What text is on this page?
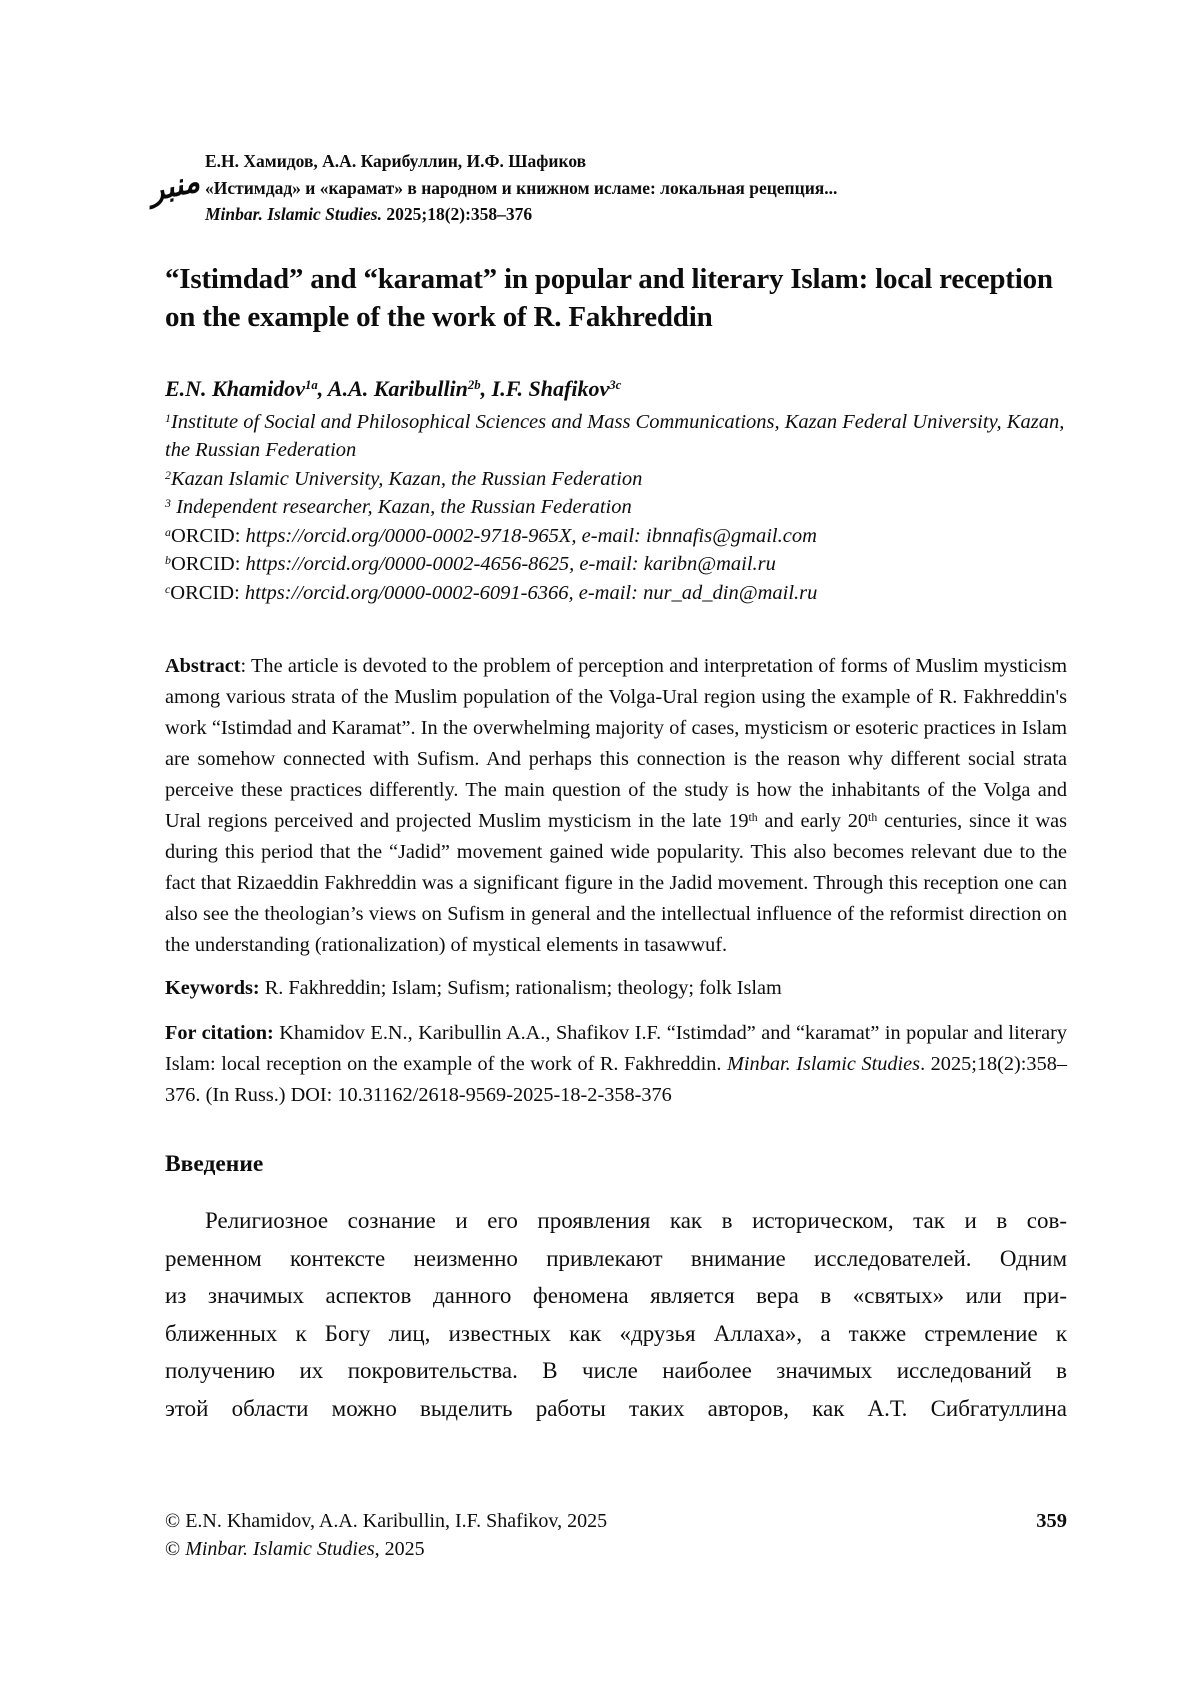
منبر
Е.Н. Хамидов, А.А. Карибуллин, И.Ф. Шафиков
«Истимдад» и «карамат» в народном и книжном исламе: локальная рецепция...
Minbar. Islamic Studies. 2025;18(2):358–376
“Istimdad” and “karamat” in popular and literary Islam: local reception on the example of the work of R. Fakhreddin
E.N. Khamidov$^{1a}$, A.A. Karibullin$^{2b}$, I.F. Shafikov$^{3c}$
$^1$Institute of Social and Philosophical Sciences and Mass Communications, Kazan Federal University, Kazan, the Russian Federation
$^2$Kazan Islamic University, Kazan, the Russian Federation
$^3$ Independent researcher, Kazan, the Russian Federation
$^a$ORCID: https://orcid.org/0000-0002-9718-965X, e-mail: ibnnafis@gmail.com
$^b$ORCID: https://orcid.org/0000-0002-4656-8625, e-mail: karibn@mail.ru
$^c$ORCID: https://orcid.org/0000-0002-6091-6366, e-mail: nur_ad_din@mail.ru

Abstract: The article is devoted to the problem of perception and interpretation of forms of Muslim mysticism among various strata of the Muslim population of the Volga-Ural region using the example of R. Fakhreddin's work “Istimdad and Karamat”. In the overwhelming majority of cases, mysticism or esoteric practices in Islam are somehow connected with Sufism. And perhaps this connection is the reason why different social strata perceive these practices differently. The main question of the study is how the inhabitants of the Volga and Ural regions perceived and projected Muslim mysticism in the late 19th and early 20th centuries, since it was during this period that the “Jadid” movement gained wide popularity. This also becomes relevant due to the fact that Rizaeddin Fakhreddin was a significant figure in the Jadid movement. Through this reception one can also see the theologian’s views on Sufism in general and the intellectual influence of the reformist direction on the understanding (rationalization) of mystical elements in tasawwuf.

Keywords: R. Fakhreddin; Islam; Sufism; rationalism; theology; folk Islam

For citation: Khamidov E.N., Karibullin A.A., Shafikov I.F. “Istimdad” and “karamat” in popular and literary Islam: local reception on the example of the work of R. Fakhreddin. Minbar. Islamic Studies. 2025;18(2):358–376. (In Russ.) DOI: 10.31162/2618-9569-2025-18-2-358-376

Введение
Религиозное сознание и его проявления как в историческом, так и в сов-
ременном контексте неизменно привлекают внимание исследователей. Одним
из значимых аспектов данного феномена является вера в «святых» или при-
ближенных к Богу лиц, известных как «друзья Аллаха», а также стремление к
получению их покровительства. В числе наиболее значимых исследований в
этой области можно выделить работы таких авторов, как А.Т. Сибгатуллина
© E.N. Khamidov, A.A. Karibullin, I.F. Shafikov, 2025
© Minbar. Islamic Studies, 2025
359
